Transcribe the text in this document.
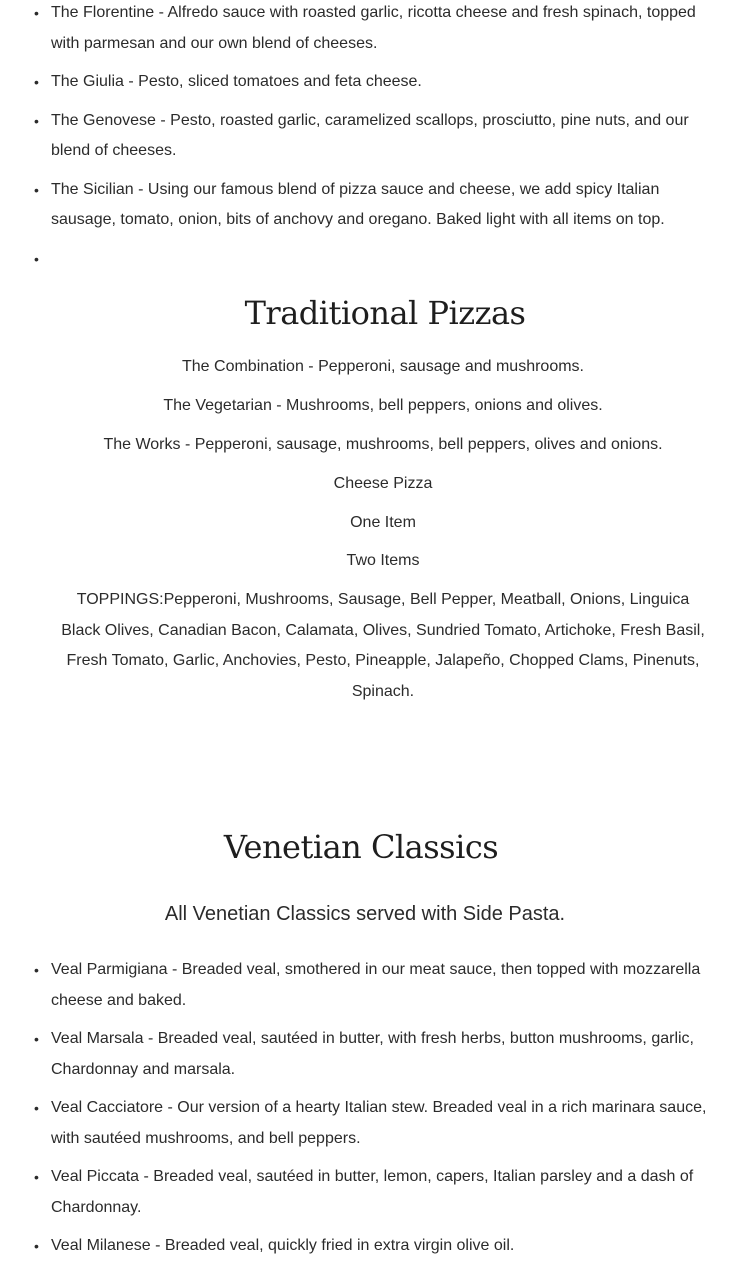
• The Florentine - Alfredo sauce with roasted garlic, ricotta cheese and fresh spinach, topped with parmesan and our own blend of cheeses.
• The Giulia - Pesto, sliced tomatoes and feta cheese.
• The Genovese - Pesto, roasted garlic, caramelized scallops, prosciutto, pine nuts, and our blend of cheeses.
• The Sicilian - Using our famous blend of pizza sauce and cheese, we add spicy Italian sausage, tomato, onion, bits of anchovy and oregano. Baked light with all items on top.
•
Traditional Pizzas

The Combination - Pepperoni, sausage and mushrooms.

The Vegetarian - Mushrooms, bell peppers, onions and olives.

The Works - Pepperoni, sausage, mushrooms, bell peppers, olives and onions.

Cheese Pizza

One Item

Two Items

TOPPINGS:Pepperoni, Mushrooms, Sausage, Bell Pepper, Meatball, Onions, Linguica Black Olives, Canadian Bacon, Calamata, Olives, Sundried Tomato, Artichoke, Fresh Basil, Fresh Tomato, Garlic, Anchovies, Pesto, Pineapple, Jalapeño, Chopped Clams, Pinenuts, Spinach.

Venetian Classics

All Venetian Classics served with Side Pasta.

• Veal Parmigiana - Breaded veal, smothered in our meat sauce, then topped with mozzarella cheese and baked.
• Veal Marsala - Breaded veal, sautéed in butter, with fresh herbs, button mushrooms, garlic, Chardonnay and marsala.
• Veal Cacciatore - Our version of a hearty Italian stew. Breaded veal in a rich marinara sauce, with sautéed mushrooms, and bell peppers.
• Veal Piccata - Breaded veal, sautéed in butter, lemon, capers, Italian parsley and a dash of Chardonnay.
• Veal Milanese - Breaded veal, quickly fried in extra virgin olive oil.
